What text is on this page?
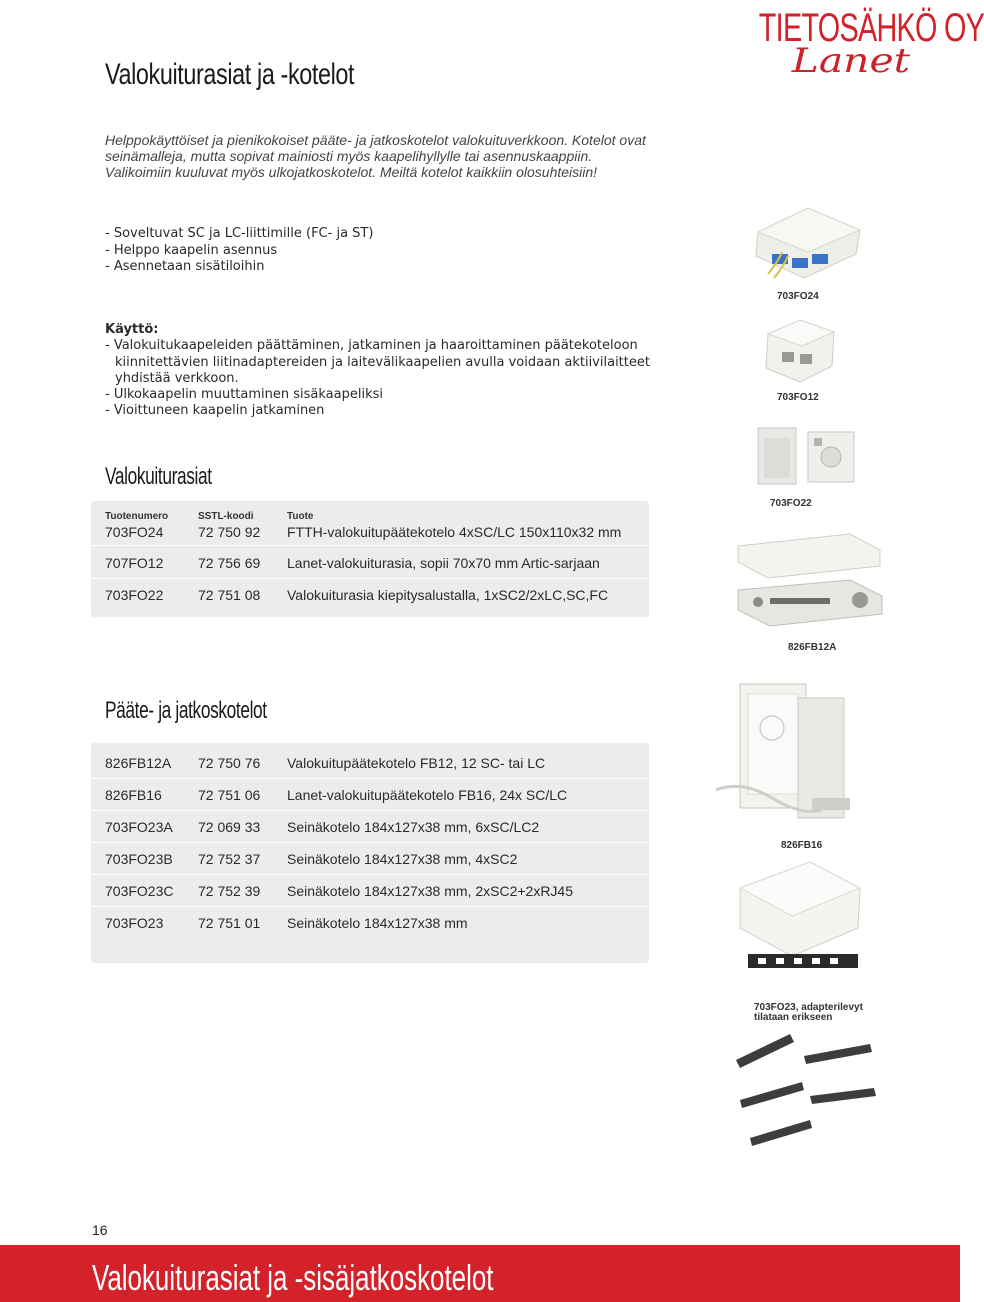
TIETOSÄHKÖ OY
Lanet
Valokuiturasiat ja -kotelot
Helppokäyttöiset ja pienikokoiset pääte- ja jatkoskotelot valokuituverkkoon. Kotelot ovat
seinämalleja, mutta sopivat mainiosti myös kaapelihyllylle tai asennuskaappiin.
Valikoimiin kuuluvat myös ulkojatkoskotelot. Meiltä kotelot kaikkiin olosuhteisiin!
- Soveltuvat SC ja LC-liittimille (FC- ja ST)
- Helppo kaapelin asennus
- Asennetaan sisätiloihin
Käyttö:
- Valokuitukaapeleiden päättäminen, jatkaminen ja haaroittaminen päätekoteloon
kiinnitettävien liitinadaptereiden ja laitevälikaapelien avulla voidaan aktiivilaitteet
yhdistää verkkoon.
- Ulkokaapelin muuttaminen sisäkaapeliksi
- Vioittuneen kaapelin jatkaminen
Valokuiturasiat
Tuotenumero	SSTL-koodi	Tuote
703FO24 72 750 92 FTTH-valokuitupäätekotelo 4xSC/LC 150x110x32 mm
707FO12 72 756 69 Lanet-valokuiturasia, sopii 70x70 mm Artic-sarjaan
703FO22 72 751 08 Valokuiturasia kiepitysalustalla, 1xSC2/2xLC,SC,FC
Pääte- ja jatkoskotelot
826FB12A 72 750 76 Valokuitupäätekotelo FB12, 12 SC- tai LC
826FB16	72 751 06 Lanet-valokuitupäätekotelo FB16, 24x SC/LC
703FO23A 72 069 33 Seinäkotelo 184x127x38 mm, 6xSC/LC2
703FO23B 72 752 37 Seinäkotelo 184x127x38 mm, 4xSC2
703FO23C 72 752 39 Seinäkotelo 184x127x38 mm, 2xSC2+2xRJ45
703FO23 72 751 01 Seinäkotelo 184x127x38 mm
703FO24
703FO12
703FO22
826FB12A
826FB16
703FO23, adapterilevyt
tilataan erikseen
16
Valokuiturasiat ja -sisäjatkoskotelot
